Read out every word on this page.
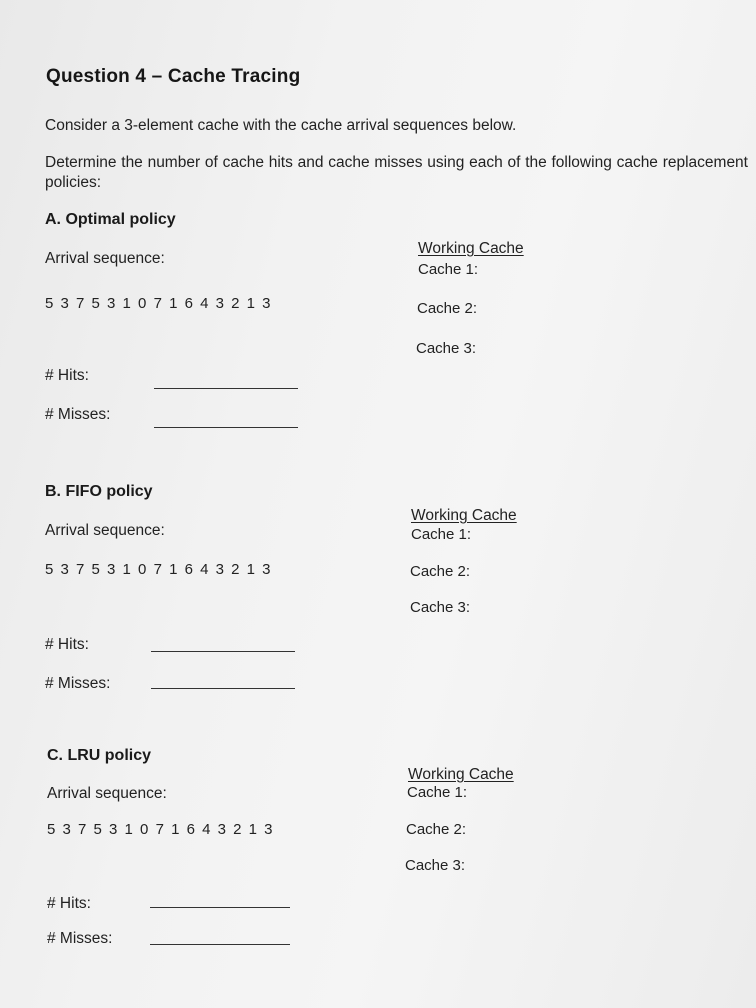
Question 4 – Cache Tracing
Consider a 3-element cache with the cache arrival sequences below.
Determine the number of cache hits and cache misses using each of the following cache replacement policies:
A. Optimal policy
Arrival sequence:
5 3 7 5 3 1 0 7 1 6 4 3 2 1 3
Working Cache
Cache 1:
Cache 2:
Cache 3:
# Hits:
# Misses:
B. FIFO policy
Arrival sequence:
5 3 7 5 3 1 0 7 1 6 4 3 2 1 3
Working Cache
Cache 1:
Cache 2:
Cache 3:
# Hits:
# Misses:
C. LRU policy
Arrival sequence:
5 3 7 5 3 1 0 7 1 6 4 3 2 1 3
Working Cache
Cache 1:
Cache 2:
Cache 3:
# Hits:
# Misses:
